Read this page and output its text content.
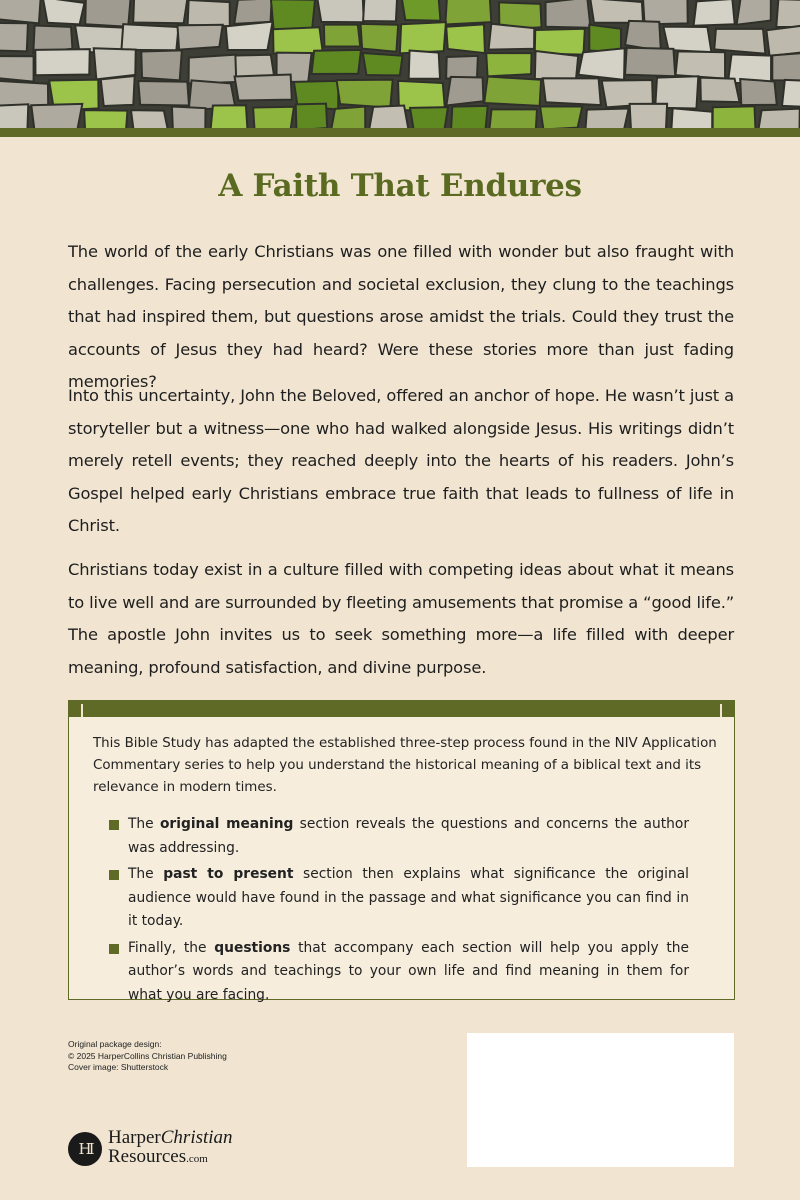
A Faith That Endures

The world of the early Christians was one filled with wonder but also fraught with challenges. Facing persecution and societal exclusion, they clung to the teachings that had inspired them, but questions arose amidst the trials. Could they trust the accounts of Jesus they had heard? Were these stories more than just fading memories?

Into this uncertainty, John the Beloved, offered an anchor of hope. He wasn’t just a storyteller but a witness—one who had walked alongside Jesus. His writings didn’t merely retell events; they reached deeply into the hearts of his readers. John’s Gospel helped early Christians embrace true faith that leads to fullness of life in Christ.

Christians today exist in a culture filled with competing ideas about what it means to live well and are surrounded by fleeting amusements that promise a “good life.” The apostle John invites us to seek something more—a life filled with deeper meaning, profound satisfaction, and divine purpose.

This Bible Study has adapted the established three-step process found in the NIV Application Commentary series to help you understand the historical meaning of a biblical text and its relevance in modern times.

The original meaning section reveals the questions and concerns the author was addressing.
The past to present section then explains what significance the original audience would have found in the passage and what significance you can find in it today.
Finally, the questions that accompany each section will help you apply the author’s words and teachings to your own life and find meaning in them for what you are facing.
Original package design:
© 2025 HarperCollins Christian Publishing
Cover image: Shutterstock
HI
HarperChristian
Resources.com
